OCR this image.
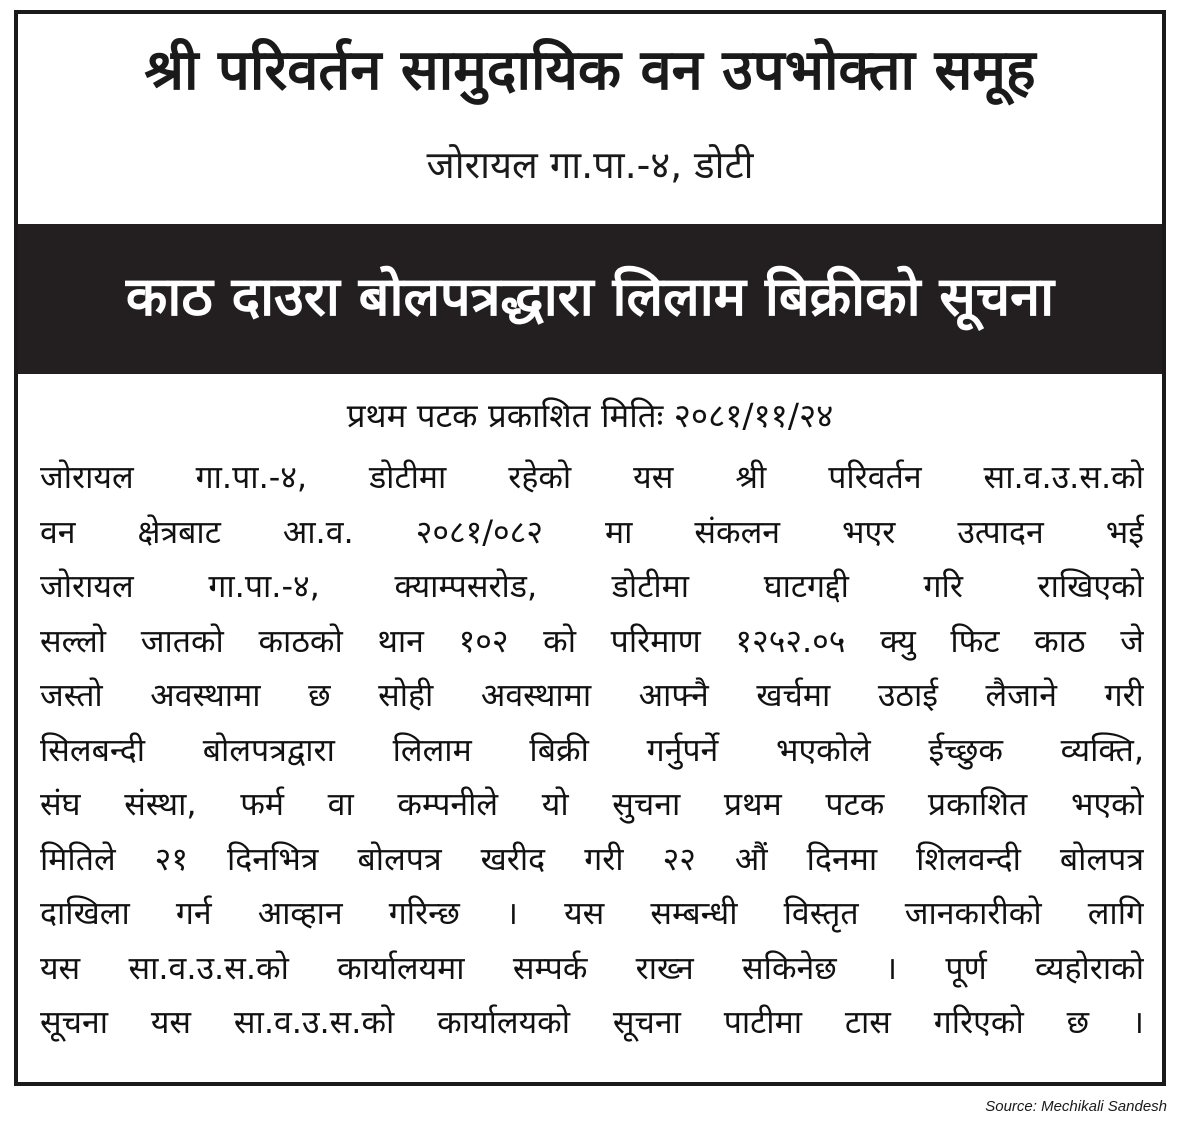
श्री परिवर्तन सामुदायिक वन उपभोक्ता समूह
जोरायल गा.पा.-४, डोटी
काठ दाउरा बोलपत्रद्धारा लिलाम बिक्रीको सूचना
प्रथम पटक प्रकाशित मितिः २०८१/११/२४
जोरायल गा.पा.-४, डोटीमा रहेको यस श्री परिवर्तन सा.व.उ.स.को
वन क्षेत्रबाट आ.व. २०८१/०८२ मा संकलन भएर उत्पादन भई
जोरायल गा.पा.-४, क्याम्पसरोड, डोटीमा घाटगद्दी गरि राखिएको
सल्लो जातको काठको थान १०२ को परिमाण १२५२.०५ क्यु फिट काठ जे
जस्तो अवस्थामा छ सोही अवस्थामा आफ्नै खर्चमा उठाई लैजाने गरी
सिलबन्दी बोलपत्रद्वारा लिलाम बिक्री गर्नुपर्ने भएकोले ईच्छुक व्यक्ति,
संघ संस्था, फर्म वा कम्पनीले यो सुचना प्रथम पटक प्रकाशित भएको
मितिले २१ दिनभित्र बोलपत्र खरीद गरी २२ औं दिनमा शिलवन्दी बोलपत्र
दाखिला गर्न आव्हान गरिन्छ । यस सम्बन्धी विस्तृत जानकारीको लागि
यस सा.व.उ.स.को कार्यालयमा सम्पर्क राख्न सकिनेछ । पूर्ण व्यहोराको
सूचना यस सा.व.उ.स.को कार्यालयको सूचना पाटीमा टास गरिएको छ ।
Source: Mechikali Sandesh
